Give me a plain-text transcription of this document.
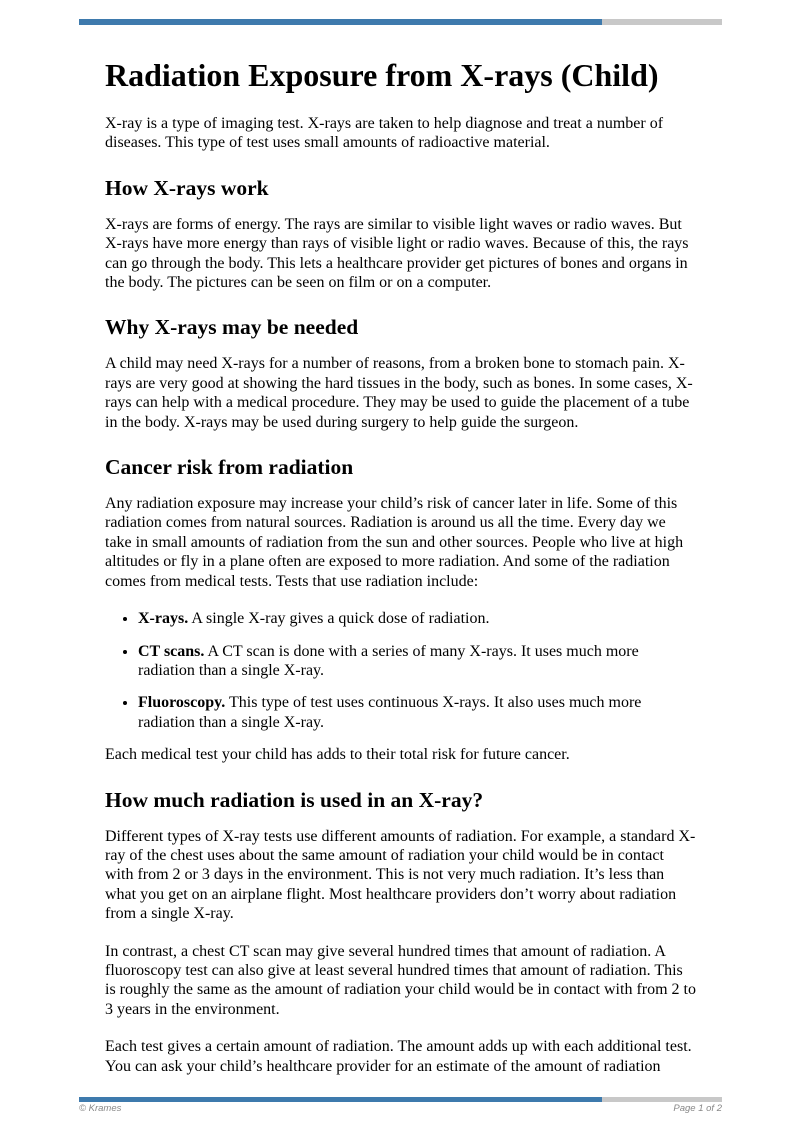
Radiation Exposure from X-rays (Child)

X-ray is a type of imaging test. X-rays are taken to help diagnose and treat a number of diseases. This type of test uses small amounts of radioactive material.

How X-rays work

X-rays are forms of energy. The rays are similar to visible light waves or radio waves. But X-rays have more energy than rays of visible light or radio waves. Because of this, the rays can go through the body. This lets a healthcare provider get pictures of bones and organs in the body. The pictures can be seen on film or on a computer.

Why X-rays may be needed

A child may need X-rays for a number of reasons, from a broken bone to stomach pain. X-rays are very good at showing the hard tissues in the body, such as bones. In some cases, X-rays can help with a medical procedure. They may be used to guide the placement of a tube in the body. X-rays may be used during surgery to help guide the surgeon.

Cancer risk from radiation

Any radiation exposure may increase your child’s risk of cancer later in life. Some of this radiation comes from natural sources. Radiation is around us all the time. Every day we take in small amounts of radiation from the sun and other sources. People who live at high altitudes or fly in a plane often are exposed to more radiation. And some of the radiation comes from medical tests. Tests that use radiation include:

• X-rays. A single X-ray gives a quick dose of radiation.
• CT scans. A CT scan is done with a series of many X-rays. It uses much more radiation than a single X-ray.
• Fluoroscopy. This type of test uses continuous X-rays. It also uses much more radiation than a single X-ray.

Each medical test your child has adds to their total risk for future cancer.

How much radiation is used in an X-ray?

Different types of X-ray tests use different amounts of radiation. For example, a standard X-ray of the chest uses about the same amount of radiation your child would be in contact with from 2 or 3 days in the environment. This is not very much radiation. It’s less than what you get on an airplane flight. Most healthcare providers don’t worry about radiation from a single X-ray.

In contrast, a chest CT scan may give several hundred times that amount of radiation. A fluoroscopy test can also give at least several hundred times that amount of radiation. This is roughly the same as the amount of radiation your child would be in contact with from 2 to 3 years in the environment.

Each test gives a certain amount of radiation. The amount adds up with each additional test. You can ask your child’s healthcare provider for an estimate of the amount of radiation

© Krames	Page 1 of 2
